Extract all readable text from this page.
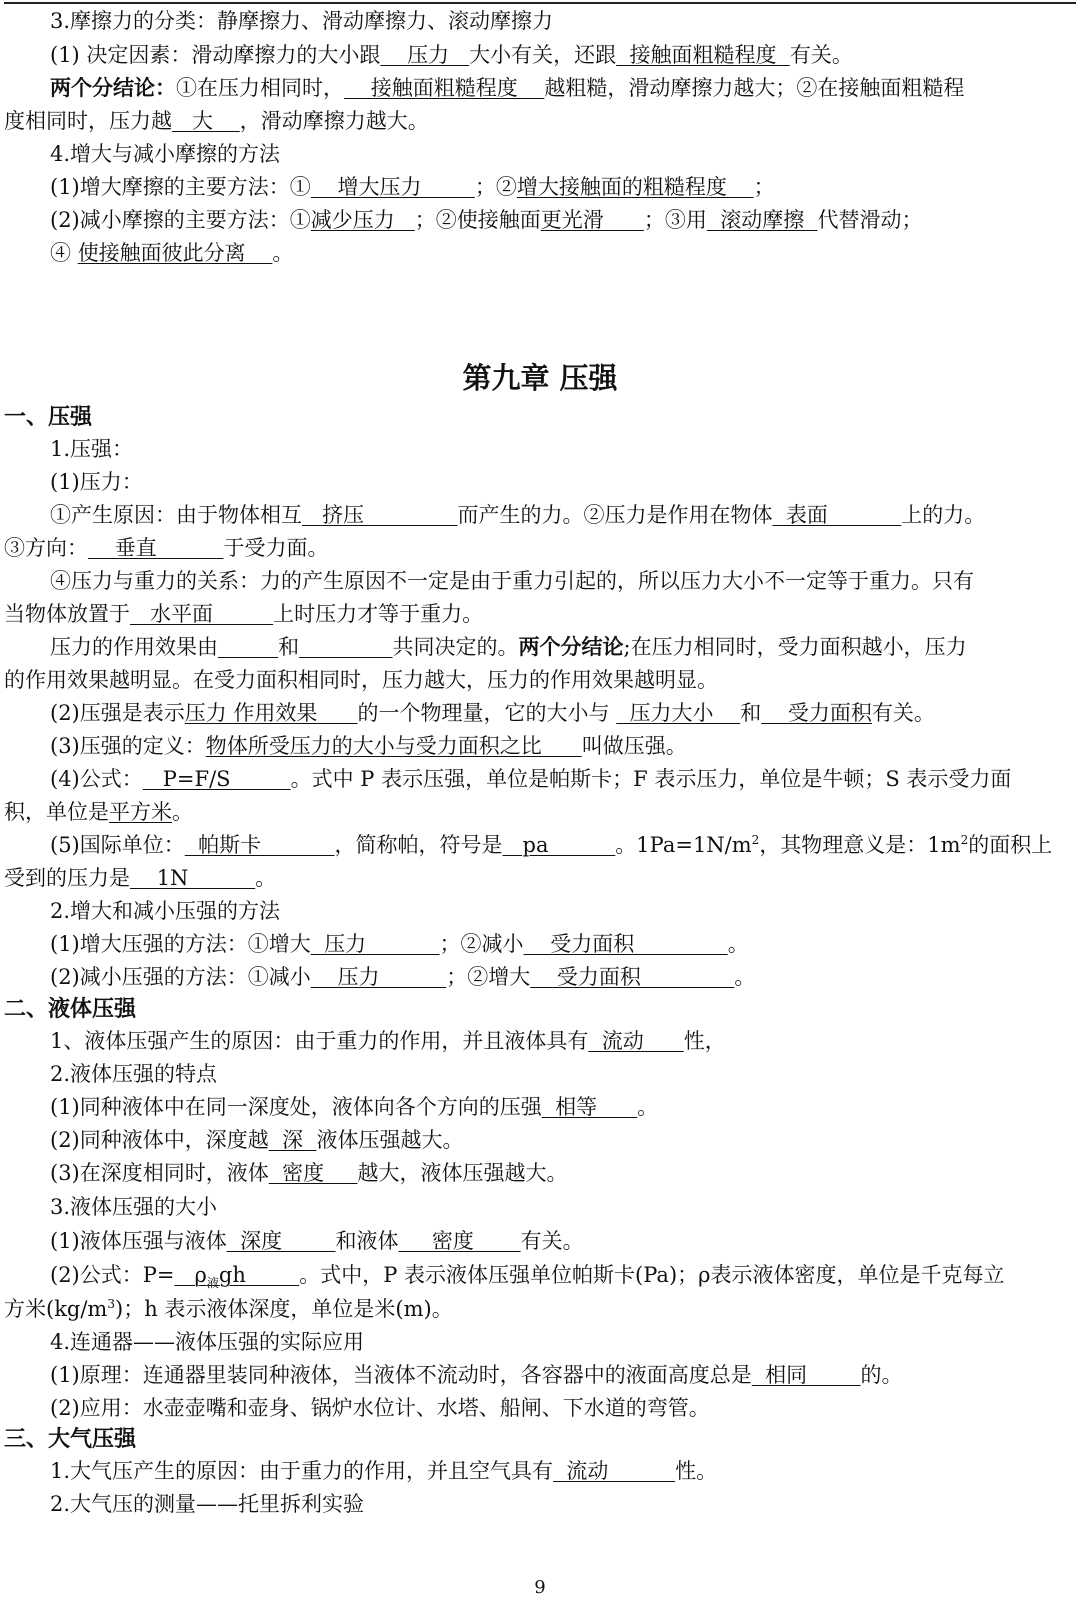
3.摩擦力的分类：静摩擦力、滑动摩擦力、滚动摩擦力
(1) 决定因素：滑动摩擦力的大小跟    压力   大小有关，还跟  接触面粗糙程度  有关。
两个分结论：①在压力相同时，    接触面粗糙程度    越粗糙，滑动摩擦力越大；②在接触面粗糙程
度相同时，压力越   大    ，滑动摩擦力越大。
4.增大与减小摩擦的方法
(1)增大摩擦的主要方法：①    增大压力        ；②增大接触面的粗糙程度    ；
(2)减小摩擦的主要方法：①减少压力   ；②使接触面更光滑      ；③用  滚动摩擦  代替滑动；
④ 使接触面彼此分离    。
第九章 压强
一、压强
1.压强：
(1)压力：
①产生原因：由于物体相互   挤压              而产生的力。②压力是作用在物体  表面           上的力。
③方向：    垂直          于受力面。
④压力与重力的关系：力的产生原因不一定是由于重力引起的，所以压力大小不一定等于重力。只有
当物体放置于   水平面         上时压力才等于重力。
压力的作用效果由	和	共同决定的。两个分结论;在压力相同时，受力面积越小，压力
的作用效果越明显。在受力面积相同时，压力越大，压力的作用效果越明显。
(2)压强是表示压力 作用效果      的一个物理量，它的大小与   压力大小    和    受力面积有关。
(3)压强的定义：物体所受压力的大小与受力面积之比      叫做压强。
(4)公式：   P=F/S         。式中 P 表示压强，单位是帕斯卡；F 表示压力，单位是牛顿；S 表示受力面
积，单位是平方米。
(5)国际单位：  帕斯卡           ，简称帕，符号是   pa          。$1Pa=1N/m^2$，其物理意义是：$1m^2$的面积上
受到的压力是    1N          。
2.增大和减小压强的方法
(1)增大压强的方法：①增大  压力           ；②减小    受力面积              。
(2)减小压强的方法：①减小    压力          ；②增大    受力面积              。
二、液体压强
1、液体压强产生的原因：由于重力的作用，并且液体具有  流动      性，
2.液体压强的特点
(1)同种液体中在同一深度处，液体向各个方向的压强  相等      。
(2)同种液体中，深度越  深  液体压强越大。
(3)在深度相同时，液体  密度     越大，液体压强越大。
3.液体压强的大小
(1)液体压强与液体  深度        和液体     密度       有关。
(2)公式：$P= \rho_液gh$        。式中，P 表示液体压强单位帕斯卡(Pa)；ρ表示液体密度，单位是千克每立
方米$(kg/m^3)$；h 表示液体深度，单位是米(m)。
4.连通器——液体压强的实际应用
(1)原理：连通器里装同种液体，当液体不流动时，各容器中的液面高度总是  相同        的。
(2)应用：水壶壶嘴和壶身、锅炉水位计、水塔、船闸、下水道的弯管。
三、大气压强
1.大气压产生的原因：由于重力的作用，并且空气具有  流动          性。
2.大气压的测量——托里拆利实验
9
